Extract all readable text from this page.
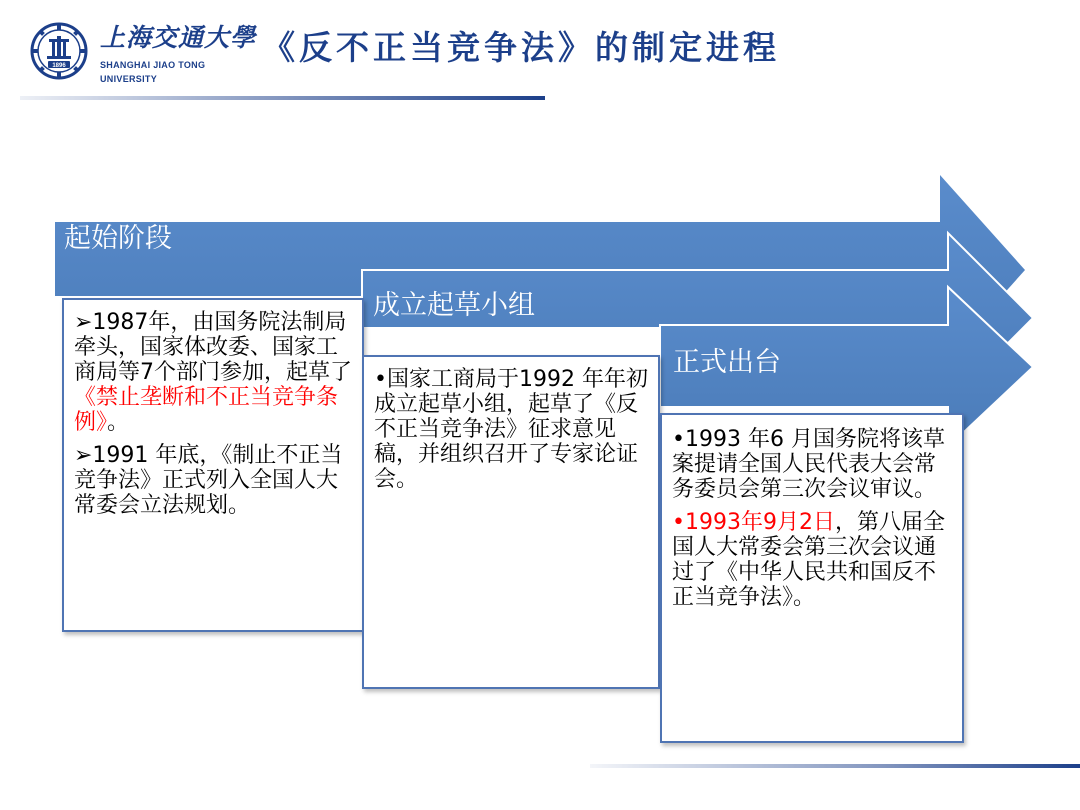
1896
上海交通大學
SHANGHAI JIAO TONG UNIVERSITY
《反不正当竞争法》的制定进程
起始阶段
成立起草小组
正式出台

➢1987年，由国务院法制局牵头，国家体改委、国家工商局等7个部门参加，起草了《禁止垄断和不正当竞争条例》。

➢1991 年底，《制止不正当竞争法》正式列入全国人大常委会立法规划。

•国家工商局于1992 年年初成立起草小组，起草了《反不正当竞争法》征求意见稿，并组织召开了专家论证会。

•1993 年6 月国务院将该草案提请全国人民代表大会常务委员会第三次会议审议。

•1993年9月2日，第八届全国人大常委会第三次会议通过了《中华人民共和国反不正当竞争法》。
